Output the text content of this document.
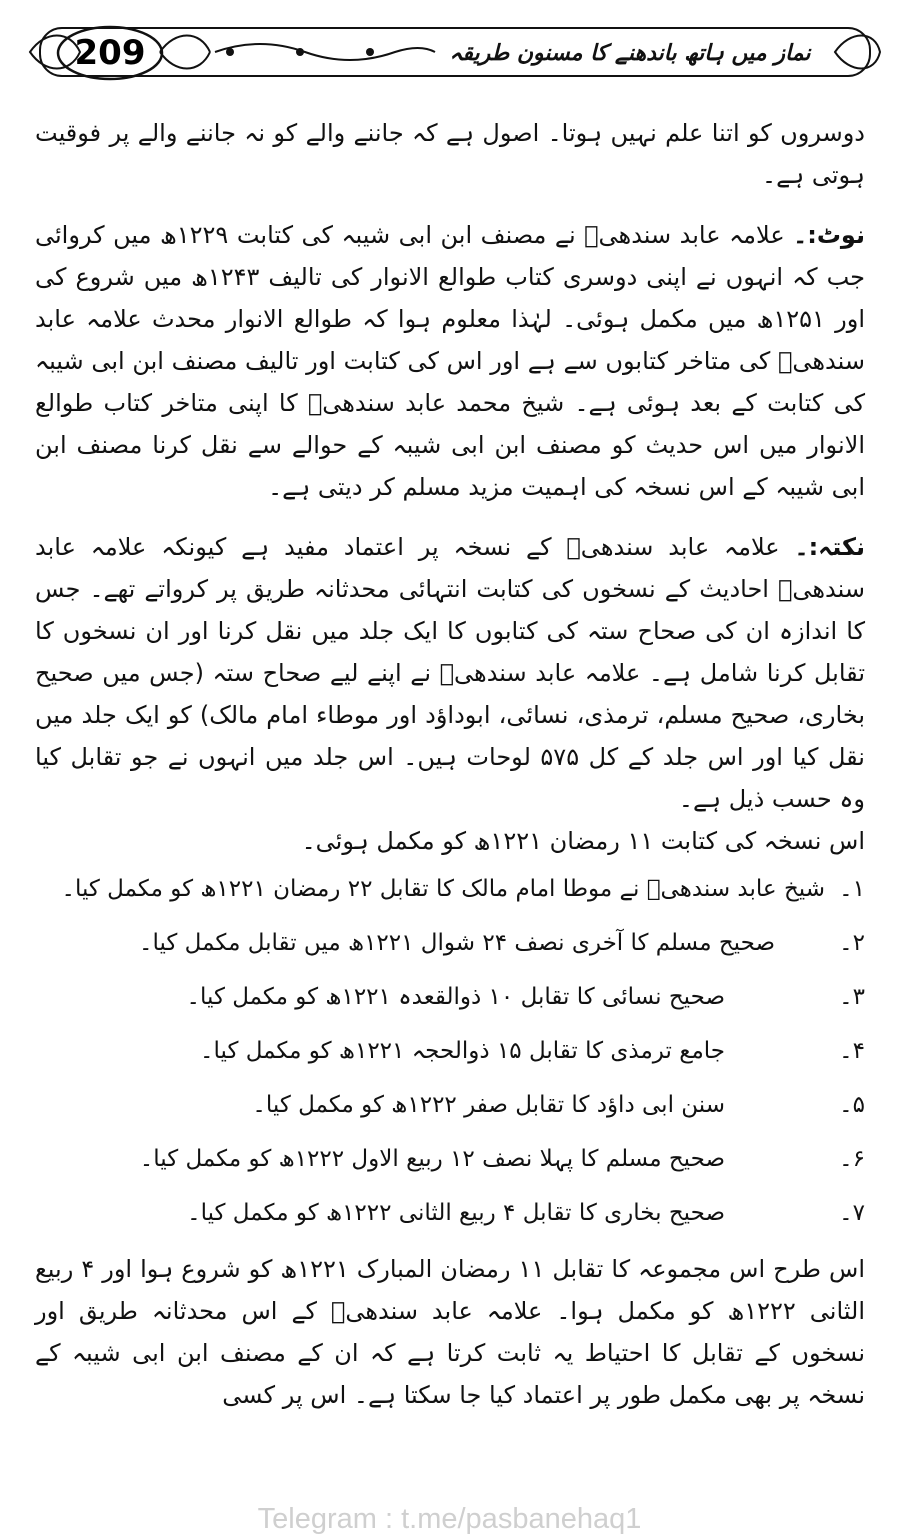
209	نماز میں ہاتھ باندھنے کا مسنون طریقہ

دوسروں کو اتنا علم نہیں ہوتا۔ اصول ہے کہ جاننے والے کو نہ جاننے والے پر فوقیت ہوتی ہے۔

نوٹ:۔ علامہ عابد سندھیؒ نے مصنف ابن ابی شیبہ کی کتابت ۱۲۲۹ھ میں کروائی جب کہ انہوں نے اپنی دوسری کتاب طوالع الانوار کی تالیف ۱۲۴۳ھ میں شروع کی اور ۱۲۵۱ھ میں مکمل ہوئی۔ لہٰذا معلوم ہوا کہ طوالع الانوار محدث علامہ عابد سندھیؒ کی متاخر کتابوں سے ہے اور اس کی کتابت اور تالیف مصنف ابن ابی شیبہ کی کتابت کے بعد ہوئی ہے۔ شیخ محمد عابد سندھیؒ کا اپنی متاخر کتاب طوالع الانوار میں اس حدیث کو مصنف ابن ابی شیبہ کے حوالے سے نقل کرنا مصنف ابن ابی شیبہ کے اس نسخہ کی اہمیت مزید مسلم کر دیتی ہے۔

نکتہ:۔ علامہ عابد سندھیؒ کے نسخہ پر اعتماد مفید ہے کیونکہ علامہ عابد سندھیؒ احادیث کے نسخوں کی کتابت انتہائی محدثانہ طریق پر کرواتے تھے۔ جس کا اندازہ ان کی صحاح ستہ کی کتابوں کا ایک جلد میں نقل کرنا اور ان نسخوں کا تقابل کرنا شامل ہے۔ علامہ عابد سندھیؒ نے اپنے لیے صحاح ستہ (جس میں صحیح بخاری، صحیح مسلم، ترمذی، نسائی، ابوداؤد اور موطاء امام مالک) کو ایک جلد میں نقل کیا اور اس جلد کے کل ۵۷۵ لوحات ہیں۔ اس جلد میں انہوں نے جو تقابل کیا وہ حسب ذیل ہے۔

اس نسخہ کی کتابت ۱۱ رمضان ۱۲۲۱ھ کو مکمل ہوئی۔

شیخ عابد سندھیؒ نے موطا امام مالک کا تقابل ۲۲ رمضان ۱۲۲۱ھ کو مکمل کیا۔ ۱۔
صحیح مسلم کا آخری نصف ۲۴ شوال ۱۲۲۱ھ میں تقابل مکمل کیا۔	۲۔
صحیح نسائی کا تقابل ۱۰ ذوالقعدہ ۱۲۲۱ھ کو مکمل کیا۔	۳۔
جامع ترمذی کا تقابل ۱۵ ذوالحجہ ۱۲۲۱ھ کو مکمل کیا۔	۴۔
سنن ابی داؤد کا تقابل صفر ۱۲۲۲ھ کو مکمل کیا۔	۵۔
صحیح مسلم کا پہلا نصف ۱۲ ربیع الاول ۱۲۲۲ھ کو مکمل کیا۔	۶۔
صحیح بخاری کا تقابل ۴ ربیع الثانی ۱۲۲۲ھ کو مکمل کیا۔	۷۔

اس طرح اس مجموعہ کا تقابل ۱۱ رمضان المبارک ۱۲۲۱ھ کو شروع ہوا اور ۴ ربیع الثانی ۱۲۲۲ھ کو مکمل ہوا۔ علامہ عابد سندھیؒ کے اس محدثانہ طریق اور نسخوں کے تقابل کا احتیاط یہ ثابت کرتا ہے کہ ان کے مصنف ابن ابی شیبہ کے نسخہ پر بھی مکمل طور پر اعتماد کیا جا سکتا ہے۔ اس پر کسی

Telegram : t.me/pasbanehaq1
